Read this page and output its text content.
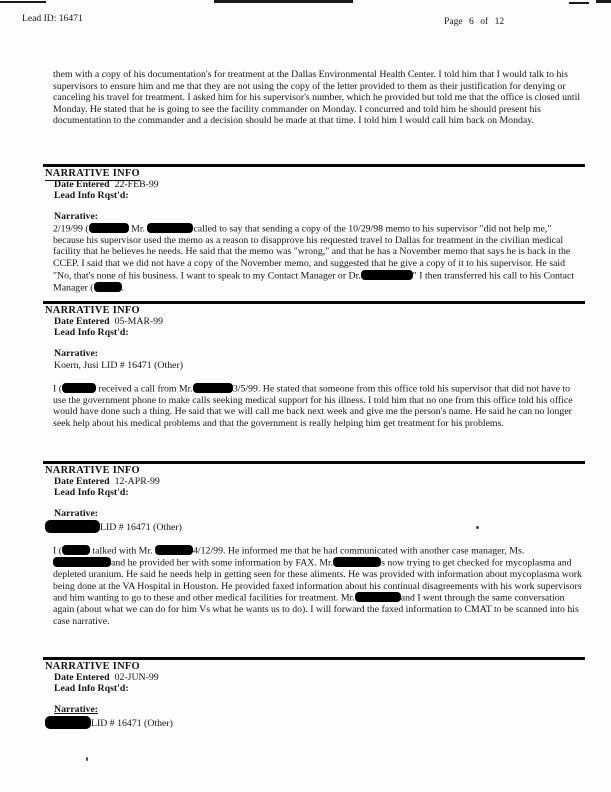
Lead ID: 16471	Page 6 of 12
them with a copy of his documentation's for treatment at the Dallas Environmental Health Center. I told him that I would talk to his supervisors to ensure him and me that they are not using the copy of the letter provided to them as their justification for denying or canceling his travel for treatment. I asked him for his supervisor's number, which he provided but told me that the office is closed until Monday. He stated that he is going to see the facility commander on Monday. I concurred and told him he should present his documentation to the commander and a decision should be made at that time. I told him I would call him back on Monday.
NARRATIVE INFO
Date Entered 22-FEB-99
Lead Info Rqst'd:
Narrative:
2/19/99 (	Mr.	called to say that sending a copy of the 10/29/98 memo to his supervisor "did not help me," because his supervisor used the memo as a reason to disapprove his requested travel to Dallas for treatment in the civilian medical facility that he believes he needs. He said that the memo was "wrong," and that he has a November memo that says he is back in the CCEP. I said that we did not have a copy of the November memo, and suggested that he give a copy of it to his supervisor. He said "No, that's none of his business. I want to speak to my Contact Manager or Dr.	" I then transferred his call to his Contact Manager (	.
NARRATIVE INFO
Date Entered 05-MAR-99
Lead Info Rqst'd:
Narrative:
Koern, Jusi LID # 16471 (Other)
I (	received a call from Mr.	3/5/99. He stated that someone from this office told his supervisor that did not have to use the government phone to make calls seeking medical support for his illness. I told him that no one from this office told his office would have done such a thing. He said that we will call me back next week and give me the person's name. He said he can no longer seek help about his medical problems and that the government is really helping him get treatment for his problems.
NARRATIVE INFO
Date Entered 12-APR-99
Lead Info Rqst'd:
Narrative:
LID # 16471 (Other)
I (	talked with Mr.	4/12/99. He informed me that he had communicated with another case manager, Ms. and he provided her with some information by FAX. Mr.	s now trying to get checked for mycoplasma and depleted uranium. He said he needs help in getting seen for these aliments. He was provided with information about mycoplasma work being done at the VA Hospital in Houston. He provided faxed information about his continual disagreements with his work supervisors and him wanting to go to these and other medical facilities for treatment. Mr.	and I went through the same conversation again (about what we can do for him Vs what he wants us to do). I will forward the faxed information to CMAT to be scanned into his case narrative.
NARRATIVE INFO
Date Entered 02-JUN-99
Lead Info Rqst'd:
Narrative:
LID # 16471 (Other)
